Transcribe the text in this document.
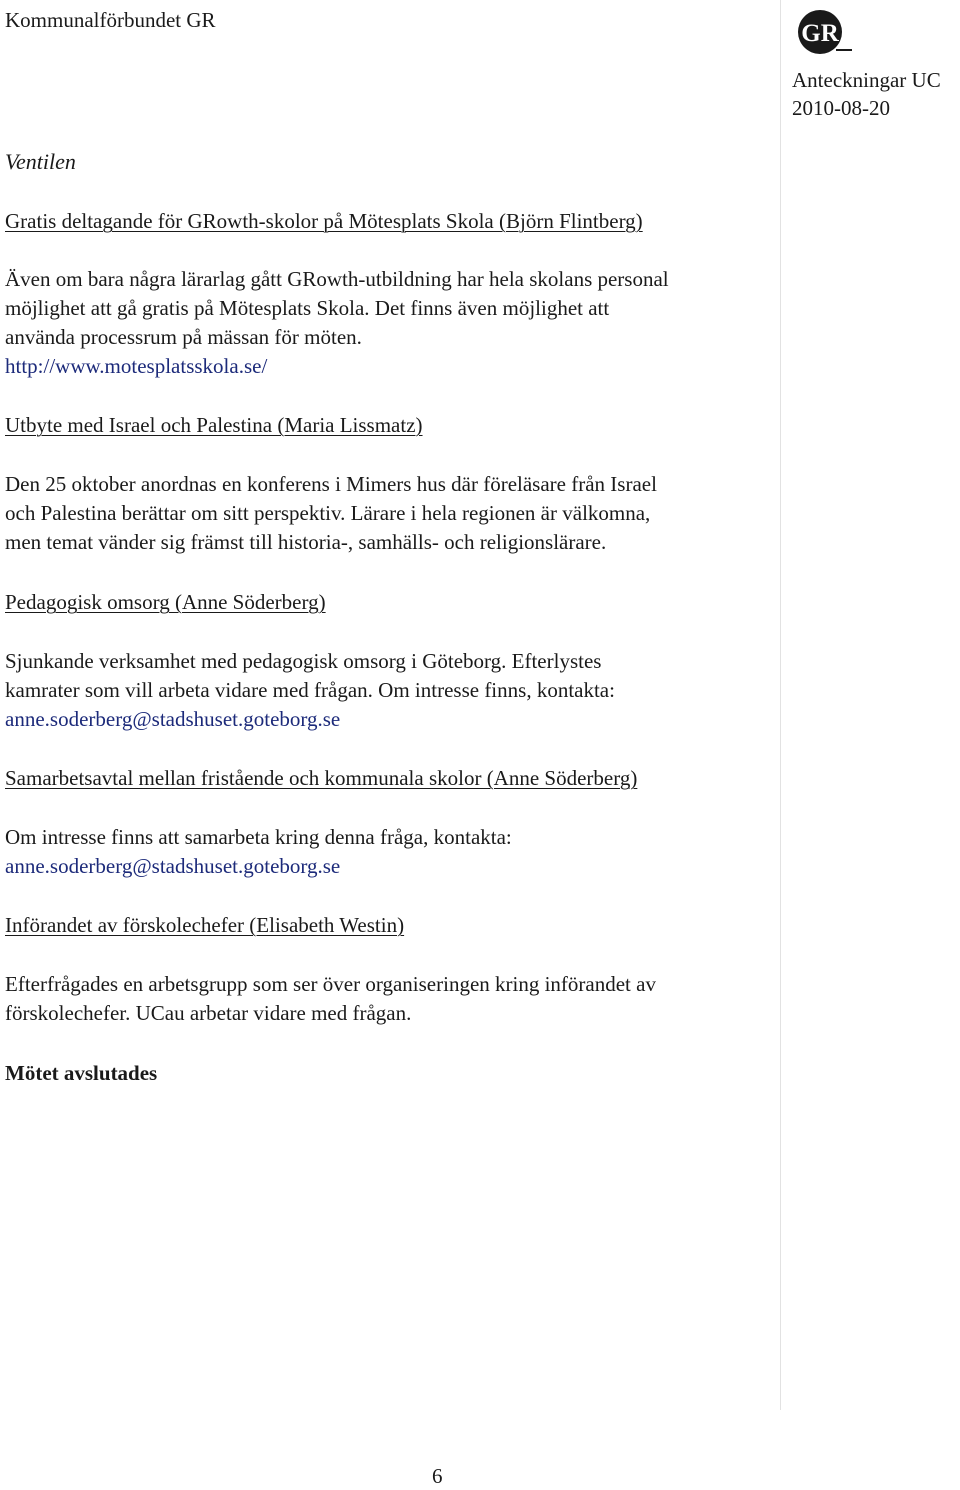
Kommunalförbundet GR	GR
Anteckningar UC
2010-08-20
Ventilen
Gratis deltagande för GRowth-skolor på Mötesplats Skola (Björn Flintberg)
Även om bara några lärarlag gått GRowth-utbildning har hela skolans personal
möjlighet att gå gratis på Mötesplats Skola. Det finns även möjlighet att
använda processrum på mässan för möten.
http://www.motesplatsskola.se/
Utbyte med Israel och Palestina (Maria Lissmatz)
Den 25 oktober anordnas en konferens i Mimers hus där föreläsare från Israel
och Palestina berättar om sitt perspektiv. Lärare i hela regionen är välkomna,
men temat vänder sig främst till historia-, samhälls- och religionslärare.
Pedagogisk omsorg (Anne Söderberg)
Sjunkande verksamhet med pedagogisk omsorg i Göteborg. Efterlystes
kamrater som vill arbeta vidare med frågan. Om intresse finns, kontakta:
anne.soderberg@stadshuset.goteborg.se
Samarbetsavtal mellan fristående och kommunala skolor (Anne Söderberg)
Om intresse finns att samarbeta kring denna fråga, kontakta:
anne.soderberg@stadshuset.goteborg.se
Införandet av förskolechefer (Elisabeth Westin)
Efterfrågades en arbetsgrupp som ser över organiseringen kring införandet av
förskolechefer. UCau arbetar vidare med frågan.
Mötet avslutades
6
